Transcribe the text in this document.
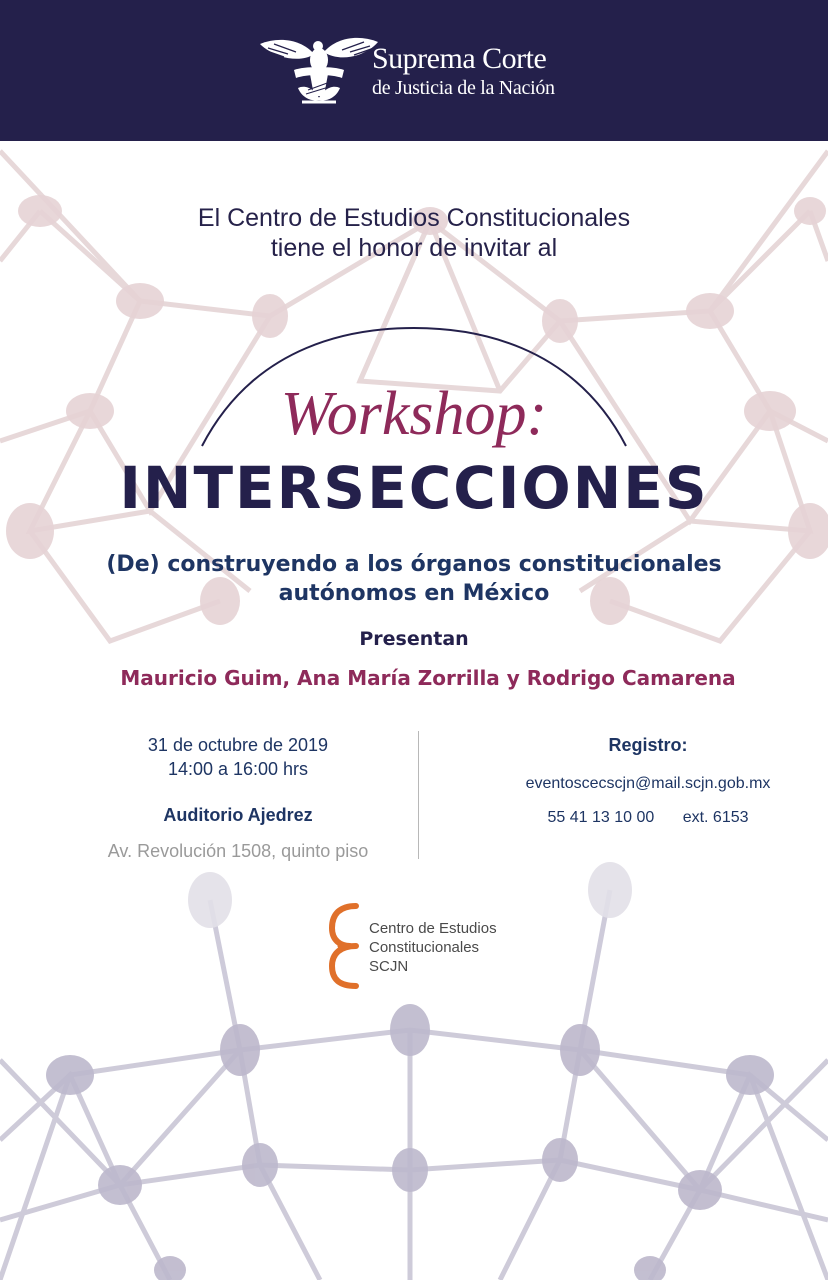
Suprema Corte
de Justicia de la Nación
El Centro de Estudios Constitucionales
tiene el honor de invitar al
Workshop:
INTERSECCIONES
(De) construyendo a los órganos constitucionales
autónomos en México
Presentan
Mauricio Guim, Ana María Zorrilla y Rodrigo Camarena
31 de octubre de 2019
14:00 a 16:00 hrs
Auditorio Ajedrez
Av. Revolución 1508, quinto piso
Registro:
eventoscecscjn@mail.scjn.gob.mx
55 41 13 10 00 ext. 6153
Centro de Estudios
Constitucionales
SCJN
